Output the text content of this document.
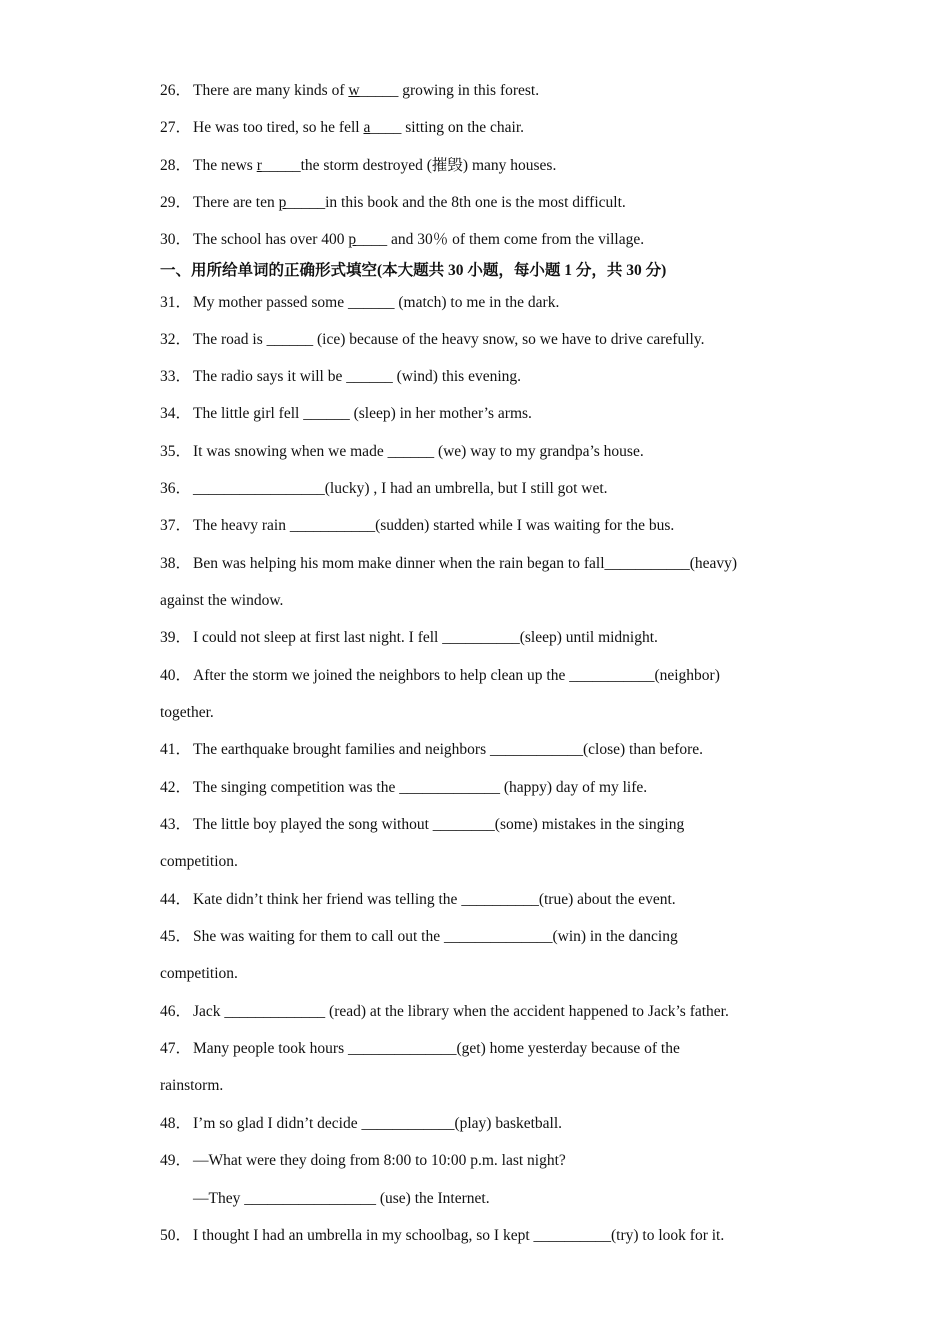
26． There are many kinds of w_____ growing in this forest.
27． He was too tired, so he fell a____ sitting on the chair.
28． The news r_____the storm destroyed (摧毁) many houses.
29． There are ten p_____in this book and the 8th one is the most difficult.
30． The school has over 400 p____ and 30％ of them come from the village.
一、用所给单词的正确形式填空(本大题共 30 小题，每小题 1 分，共 30 分)
31． My mother passed some ______ (match) to me in the dark.
32． The road is ______ (ice) because of the heavy snow, so we have to drive carefully.
33． The radio says it will be ______ (wind) this evening.
34． The little girl fell ______ (sleep) in her mother’s arms.
35． It was snowing when we made ______ (we) way to my grandpa’s house.
36． _________________(lucky) , I had an umbrella, but I still got wet.
37． The heavy rain ___________(sudden) started while I was waiting for the bus.
38． Ben was helping his mom make dinner when the rain began to fall___________(heavy)
against the window.
39． I could not sleep at first last night. I fell __________(sleep) until midnight.
40． After the storm we joined the neighbors to help clean up the ___________(neighbor)
together.
41． The earthquake brought families and neighbors ____________(close) than before.
42． The singing competition was the _____________ (happy) day of my life.
43． The little boy played the song without ________(some) mistakes in the singing
competition.
44． Kate didn’t think her friend was telling the __________(true) about the event.
45． She was waiting for them to call out the ______________(win) in the dancing
competition.
46． Jack _____________ (read) at the library when the accident happened to Jack’s father.
47． Many people took hours ______________(get) home yesterday because of the
rainstorm.
48． I’m so glad I didn’t decide ____________(play) basketball.
49． —What were they doing from 8:00 to 10:00 p.m. last night?
—They _________________ (use) the Internet.
50． I thought I had an umbrella in my schoolbag, so I kept __________(try) to look for it.
